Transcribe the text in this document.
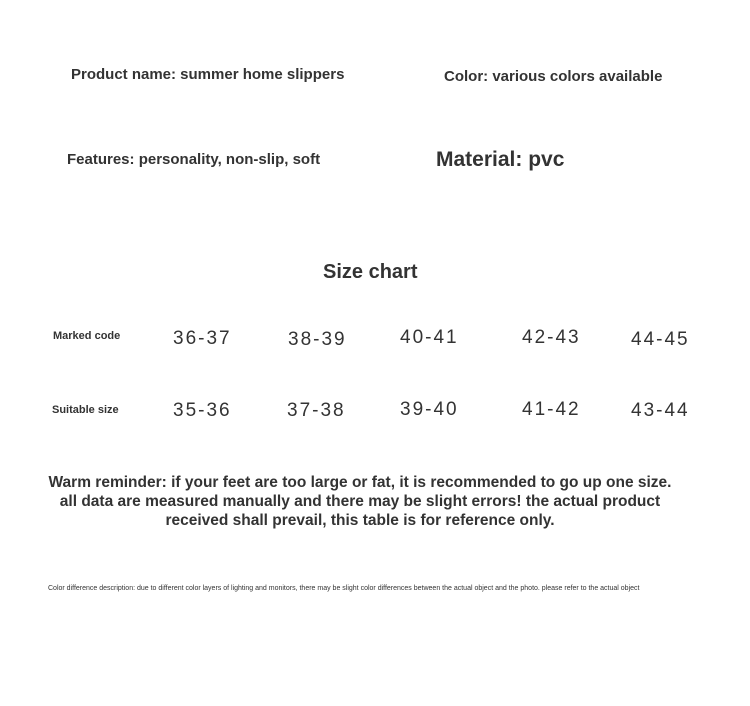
Product name: summer home slippers	Color: various colors available
Features: personality, non-slip, soft	Material: pvc
Size chart
Marked code	36-37	38-39	40-41	42-43	44-45
Suitable size	35-36	37-38	39-40	41-42	43-44
Warm reminder: if your feet are too large or fat, it is recommended to go up one size. all data are measured manually and there may be slight errors! the actual product received shall prevail, this table is for reference only.
Color difference description: due to different color layers of lighting and monitors, there may be slight color differences between the actual object and the photo. please refer to the actual object
